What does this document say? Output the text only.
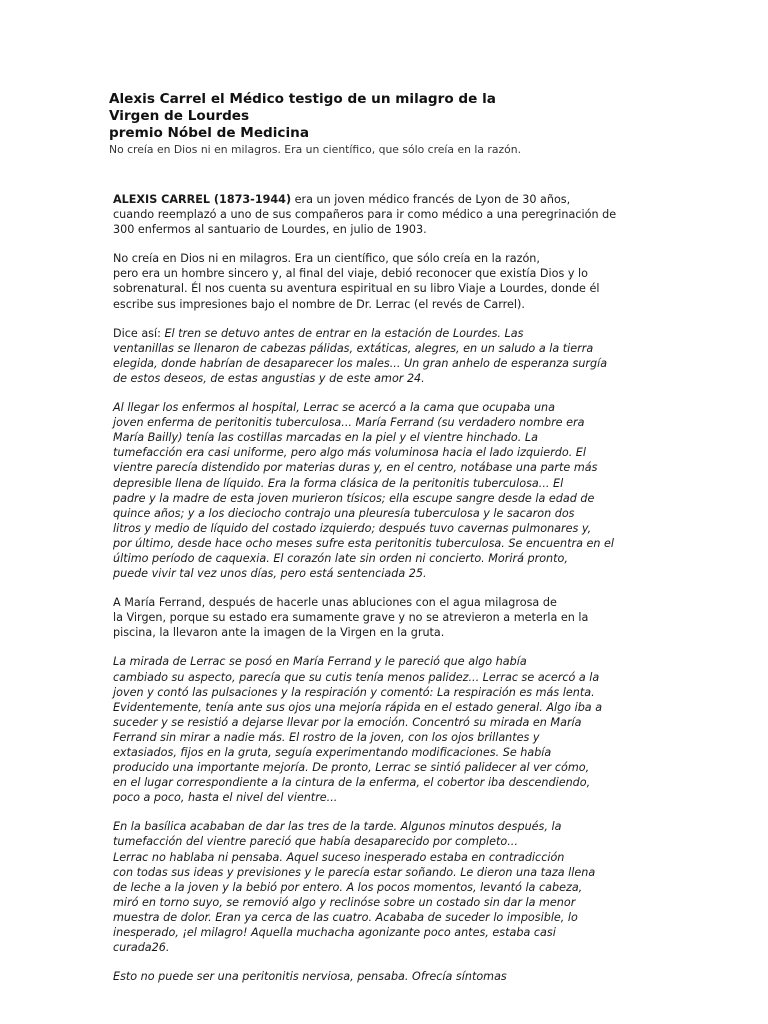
Alexis Carrel el Médico testigo de un milagro de la
Virgen de Lourdes
premio Nóbel de Medicina
No creía en Dios ni en milagros. Era un científico, que sólo creía en la razón.
ALEXIS CARREL (1873-1944) era un joven médico francés de Lyon de 30 años,
cuando reemplazó a uno de sus compañeros para ir como médico a una peregrinación de
300 enfermos al santuario de Lourdes, en julio de 1903.
No creía en Dios ni en milagros. Era un científico, que sólo creía en la razón,
pero era un hombre sincero y, al final del viaje, debió reconocer que existía Dios y lo
sobrenatural. Él nos cuenta su aventura espiritual en su libro Viaje a Lourdes, donde él
escribe sus impresiones bajo el nombre de Dr. Lerrac (el revés de Carrel).
Dice así: El tren se detuvo antes de entrar en la estación de Lourdes. Las
ventanillas se llenaron de cabezas pálidas, extáticas, alegres, en un saludo a la tierra
elegida, donde habrían de desaparecer los males... Un gran anhelo de esperanza surgía
de estos deseos, de estas angustias y de este amor 24.
Al llegar los enfermos al hospital, Lerrac se acercó a la cama que ocupaba una
joven enferma de peritonitis tuberculosa... María Ferrand (su verdadero nombre era
María Bailly) tenía las costillas marcadas en la piel y el vientre hinchado. La
tumefacción era casi uniforme, pero algo más voluminosa hacia el lado izquierdo. El
vientre parecía distendido por materias duras y, en el centro, notábase una parte más
depresible llena de líquido. Era la forma clásica de la peritonitis tuberculosa... El
padre y la madre de esta joven murieron tísicos; ella escupe sangre desde la edad de
quince años; y a los dieciocho contrajo una pleuresía tuberculosa y le sacaron dos
litros y medio de líquido del costado izquierdo; después tuvo cavernas pulmonares y,
por último, desde hace ocho meses sufre esta peritonitis tuberculosa. Se encuentra en el
último período de caquexia. El corazón late sin orden ni concierto. Morirá pronto,
puede vivir tal vez unos días, pero está sentenciada 25.
A María Ferrand, después de hacerle unas abluciones con el agua milagrosa de
la Virgen, porque su estado era sumamente grave y no se atrevieron a meterla en la
piscina, la llevaron ante la imagen de la Virgen en la gruta.
La mirada de Lerrac se posó en María Ferrand y le pareció que algo había
cambiado su aspecto, parecía que su cutis tenía menos palidez... Lerrac se acercó a la
joven y contó las pulsaciones y la respiración y comentó: La respiración es más lenta.
Evidentemente, tenía ante sus ojos una mejoría rápida en el estado general. Algo iba a
suceder y se resistió a dejarse llevar por la emoción. Concentró su mirada en María
Ferrand sin mirar a nadie más. El rostro de la joven, con los ojos brillantes y
extasiados, fijos en la gruta, seguía experimentando modificaciones. Se había
producido una importante mejoría. De pronto, Lerrac se sintió palidecer al ver cómo,
en el lugar correspondiente a la cintura de la enferma, el cobertor iba descendiendo,
poco a poco, hasta el nivel del vientre...
En la basílica acababan de dar las tres de la tarde. Algunos minutos después, la
tumefacción del vientre pareció que había desaparecido por completo...
Lerrac no hablaba ni pensaba. Aquel suceso inesperado estaba en contradicción
con todas sus ideas y previsiones y le parecía estar soñando. Le dieron una taza llena
de leche a la joven y la bebió por entero. A los pocos momentos, levantó la cabeza,
miró en torno suyo, se removió algo y reclinóse sobre un costado sin dar la menor
muestra de dolor. Eran ya cerca de las cuatro. Acababa de suceder lo imposible, lo
inesperado, ¡el milagro! Aquella muchacha agonizante poco antes, estaba casi
curada26.
Esto no puede ser una peritonitis nerviosa, pensaba. Ofrecía síntomas
